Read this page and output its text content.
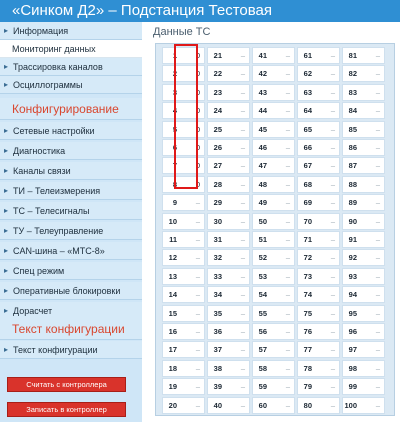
«Синком Д2» – Подстанция Тестовая
Считать с контроллера
Записать в контроллер
▸ Информация
Мониторинг данных
▸ Трассировка каналов
▸ Осциллограммы
▸ Сетевые настройки
▸ Диагностика
▸ Каналы связи
▸ ТИ – Телеизмерения
▸ ТС – Телесигналы
▸ ТУ – Телеуправление
▸ CAN-шина – «МТС-8»
▸ Спец режим
▸ Оперативные блокировки
▸ Дорасчет
▸ Текст конфигурации
Конфигурирование
Текст конфигурации
Данные ТС
1	0
2	0
3	0
4	0
5	0
6	0
7	0
8	0
9	–
10	–
11	–
12	–
13	–
14	–
15	–
16	–
17	–
18	–
19	–
20	–
21	–
22	–
23	–
24	–
25	–
26	–
27	–
28	–
29	–
30	–
31	–
32	–
33	–
34	–
35	–
36	–
37	–
38	–
39	–
40	–
41	–
42	–
43	–
44	–
45	–
46	–
47	–
48	–
49	–
50	–
51	–
52	–
53	–
54	–
55	–
56	–
57	–
58	–
59	–
60	–
61	–
62	–
63	–
64	–
65	–
66	–
67	–
68	–
69	–
70	–
71	–
72	–
73	–
74	–
75	–
76	–
77	–
78	–
79	–
80	–
81	–
82	–
83	–
84	–
85	–
86	–
87	–
88	–
89	–
90	–
91	–
92	–
93	–
94	–
95	–
96	–
97	–
98	–
99	–
100	–
